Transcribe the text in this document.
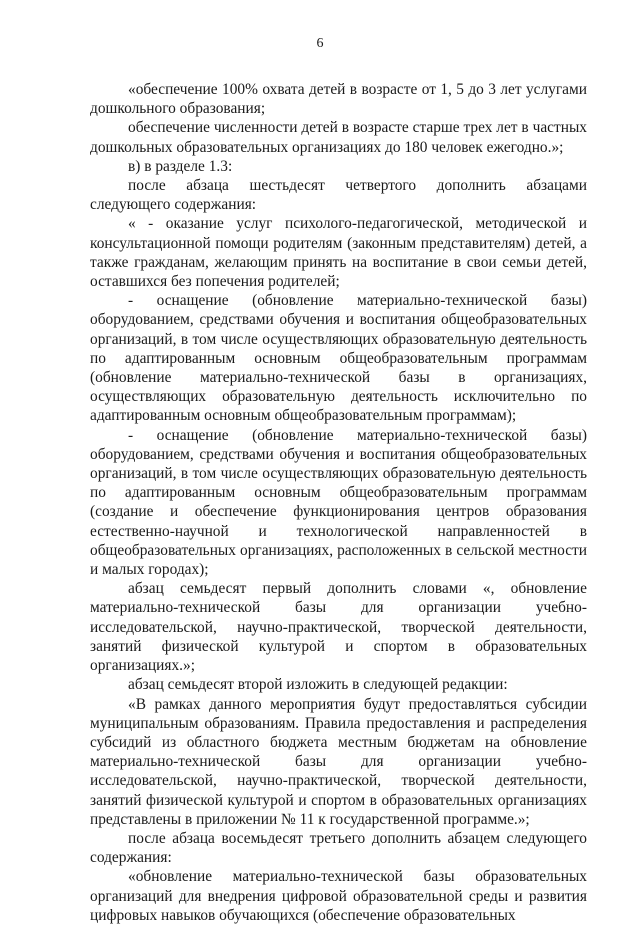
6

«обеспечение 100% охвата детей в возрасте от 1, 5 до 3 лет услугами дошкольного образования;

обеспечение численности детей в возрасте старше трех лет в частных дошкольных образовательных организациях до 180 человек ежегодно.»;

в) в разделе 1.3:

после абзаца шестьдесят четвертого дополнить абзацами следующего содержания:

« - оказание услуг психолого-педагогической, методической и консультационной помощи родителям (законным представителям) детей, а также гражданам, желающим принять на воспитание в свои семьи детей, оставшихся без попечения родителей;

- оснащение (обновление материально-технической базы) оборудованием, средствами обучения и воспитания общеобразовательных организаций, в том числе осуществляющих образовательную деятельность по адаптированным основным общеобразовательным программам (обновление материально-технической базы в организациях, осуществляющих образовательную деятельность исключительно по адаптированным основным общеобразовательным программам);

- оснащение (обновление материально-технической базы) оборудованием, средствами обучения и воспитания общеобразовательных организаций, в том числе осуществляющих образовательную деятельность по адаптированным основным общеобразовательным программам (создание и обеспечение функционирования центров образования естественно-научной и технологической направленностей в общеобразовательных организациях, расположенных в сельской местности и малых городах);

абзац семьдесят первый дополнить словами «, обновление материально-технической базы для организации учебно-исследовательской, научно-практической, творческой деятельности, занятий физической культурой и спортом в образовательных организациях.»;

абзац семьдесят второй изложить в следующей редакции:

«В рамках данного мероприятия будут предоставляться субсидии муниципальным образованиям. Правила предоставления и распределения субсидий из областного бюджета местным бюджетам на обновление материально-технической базы для организации учебно-исследовательской, научно-практической, творческой деятельности, занятий физической культурой и спортом в образовательных организациях представлены в приложении № 11 к государственной программе.»;

после абзаца восемьдесят третьего дополнить абзацем следующего содержания:

«обновление материально-технической базы образовательных организаций для внедрения цифровой образовательной среды и развития цифровых навыков обучающихся (обеспечение образовательных
